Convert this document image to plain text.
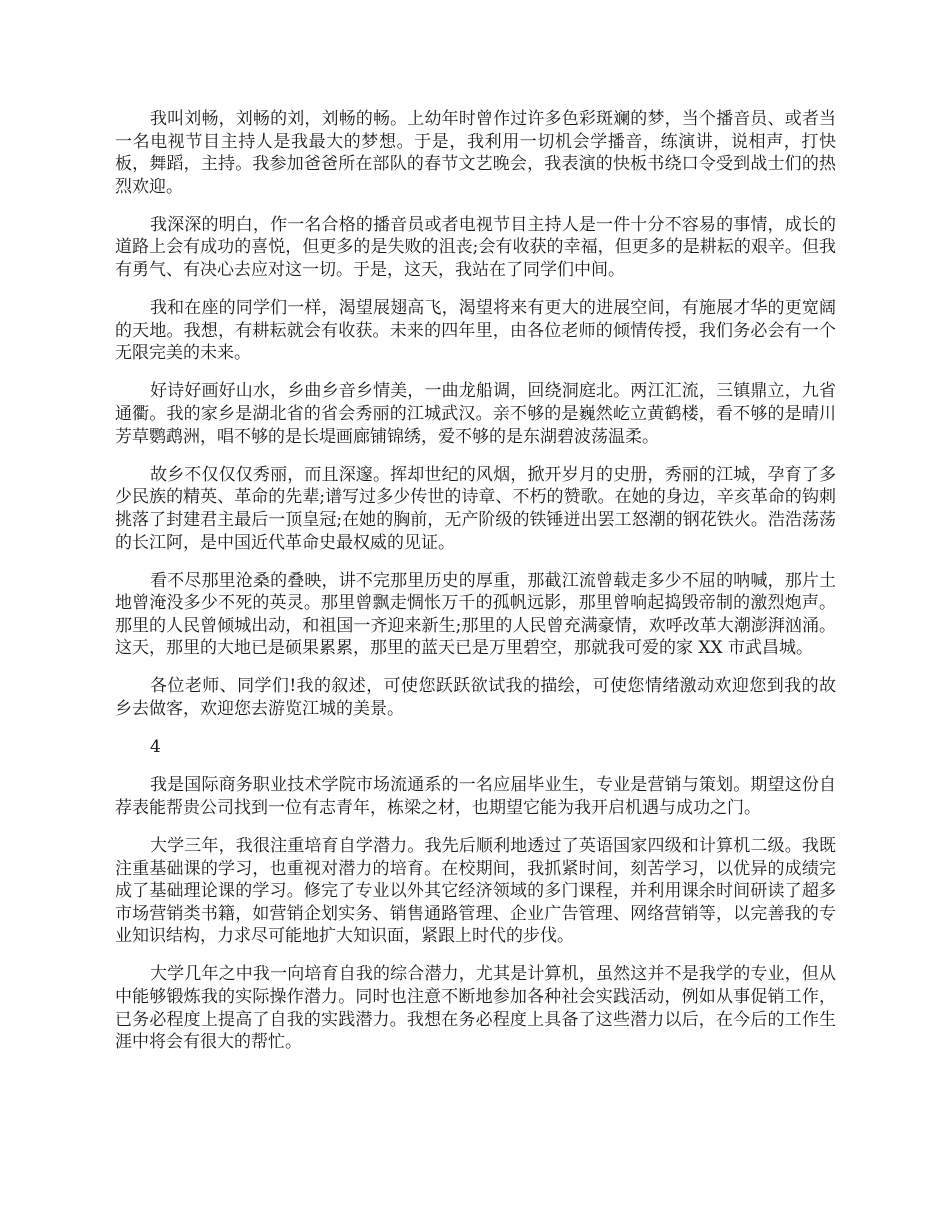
我叫刘畅，刘畅的刘，刘畅的畅。上幼年时曾作过许多色彩斑斓的梦，当个播音员、或者当一名电视节目主持人是我最大的梦想。于是，我利用一切机会学播音，练演讲，说相声，打快板，舞蹈，主持。我参加爸爸所在部队的春节文艺晚会，我表演的快板书绕口令受到战士们的热烈欢迎。

我深深的明白，作一名合格的播音员或者电视节目主持人是一件十分不容易的事情，成长的道路上会有成功的喜悦，但更多的是失败的沮丧;会有收获的幸福，但更多的是耕耘的艰辛。但我有勇气、有决心去应对这一切。于是，这天，我站在了同学们中间。

我和在座的同学们一样，渴望展翅高飞，渴望将来有更大的进展空间，有施展才华的更宽阔的天地。我想，有耕耘就会有收获。未来的四年里，由各位老师的倾情传授，我们务必会有一个无限完美的未来。

好诗好画好山水，乡曲乡音乡情美，一曲龙船调，回绕洞庭北。两江汇流，三镇鼎立，九省通衢。我的家乡是湖北省的省会秀丽的江城武汉。亲不够的是巍然屹立黄鹤楼，看不够的是晴川芳草鹦鹉洲，唱不够的是长堤画廊铺锦绣，爱不够的是东湖碧波荡温柔。

故乡不仅仅仅秀丽，而且深邃。挥却世纪的风烟，掀开岁月的史册，秀丽的江城，孕育了多少民族的精英、革命的先辈;谱写过多少传世的诗章、不朽的赞歌。在她的身边，辛亥革命的钩刺挑落了封建君主最后一顶皇冠;在她的胸前，无产阶级的铁锤迸出罢工怒潮的钢花铁火。浩浩荡荡的长江阿，是中国近代革命史最权威的见证。

看不尽那里沧桑的叠映，讲不完那里历史的厚重，那截江流曾载走多少不屈的呐喊，那片土地曾淹没多少不死的英灵。那里曾飘走惆怅万千的孤帆远影，那里曾响起捣毁帝制的激烈炮声。那里的人民曾倾城出动，和祖国一齐迎来新生;那里的人民曾充满豪情，欢呼改革大潮澎湃汹涌。这天，那里的大地已是硕果累累，那里的蓝天已是万里碧空，那就我可爱的家 XX 市武昌城。

各位老师、同学们!我的叙述，可使您跃跃欲试我的描绘，可使您情绪激动欢迎您到我的故乡去做客，欢迎您去游览江城的美景。

4

我是国际商务职业技术学院市场流通系的一名应届毕业生，专业是营销与策划。期望这份自荐表能帮贵公司找到一位有志青年，栋梁之材，也期望它能为我开启机遇与成功之门。

大学三年，我很注重培育自学潜力。我先后顺利地透过了英语国家四级和计算机二级。我既注重基础课的学习，也重视对潜力的培育。在校期间，我抓紧时间，刻苦学习，以优异的成绩完成了基础理论课的学习。修完了专业以外其它经济领域的多门课程，并利用课余时间研读了超多市场营销类书籍，如营销企划实务、销售通路管理、企业广告管理、网络营销等，以完善我的专业知识结构，力求尽可能地扩大知识面，紧跟上时代的步伐。

大学几年之中我一向培育自我的综合潜力，尤其是计算机，虽然这并不是我学的专业，但从中能够锻炼我的实际操作潜力。同时也注意不断地参加各种社会实践活动，例如从事促销工作，已务必程度上提高了自我的实践潜力。我想在务必程度上具备了这些潜力以后，在今后的工作生涯中将会有很大的帮忙。
